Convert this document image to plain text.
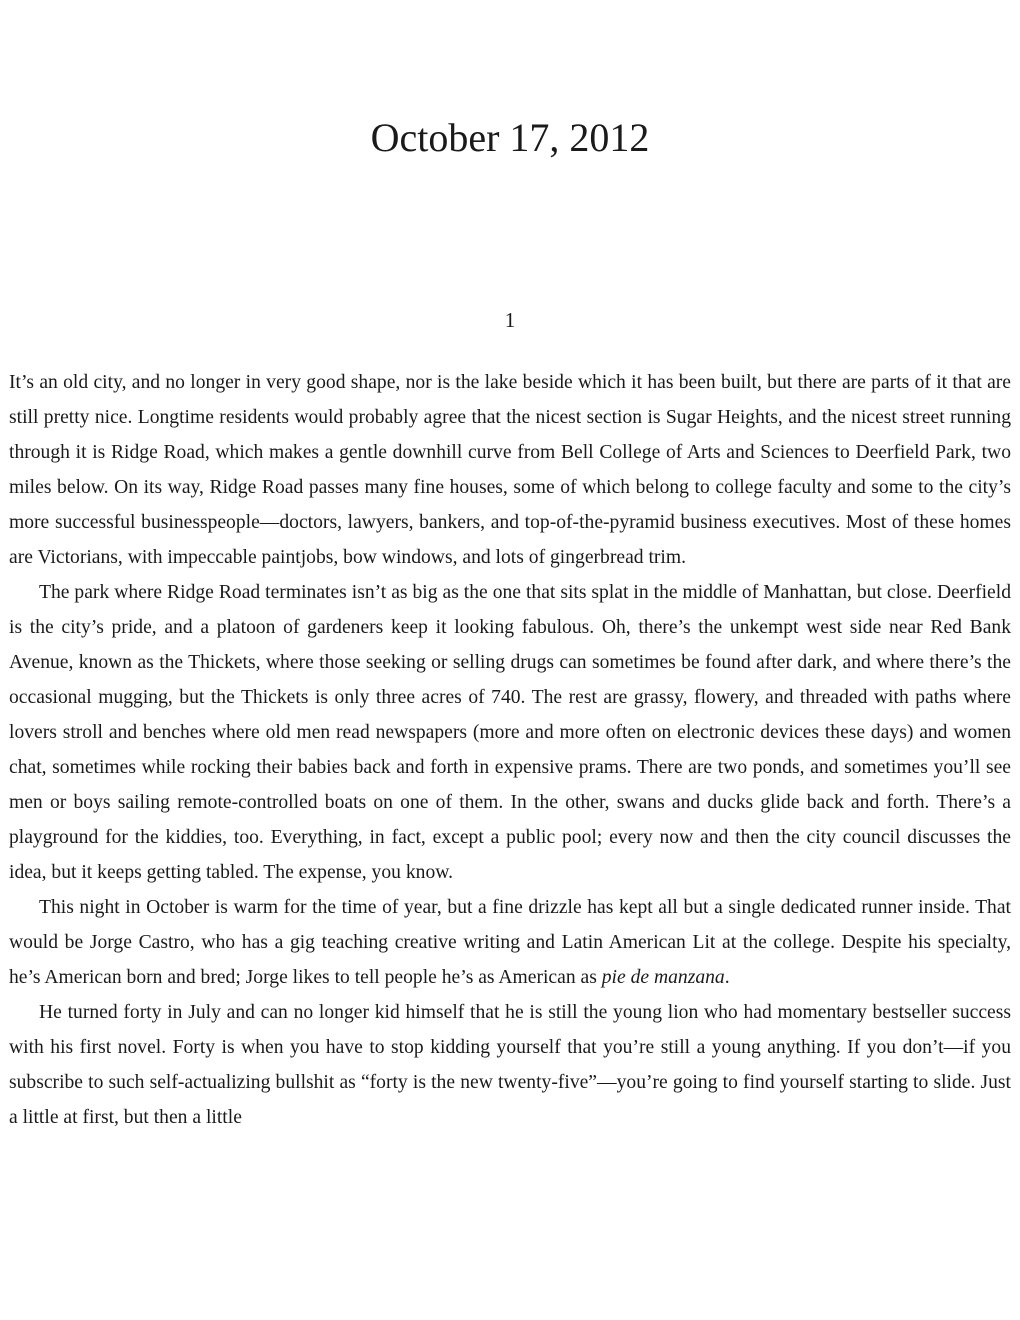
October 17, 2012
1

It’s an old city, and no longer in very good shape, nor is the lake beside which it has been built, but there are parts of it that are still pretty nice. Longtime residents would probably agree that the nicest section is Sugar Heights, and the nicest street running through it is Ridge Road, which makes a gentle downhill curve from Bell College of Arts and Sciences to Deerfield Park, two miles below. On its way, Ridge Road passes many fine houses, some of which belong to college faculty and some to the city’s more successful businesspeople—doctors, lawyers, bankers, and top-of-the-pyramid business executives. Most of these homes are Victorians, with impeccable paintjobs, bow windows, and lots of gingerbread trim.

The park where Ridge Road terminates isn’t as big as the one that sits splat in the middle of Manhattan, but close. Deerfield is the city’s pride, and a platoon of gardeners keep it looking fabulous. Oh, there’s the unkempt west side near Red Bank Avenue, known as the Thickets, where those seeking or selling drugs can sometimes be found after dark, and where there’s the occasional mugging, but the Thickets is only three acres of 740. The rest are grassy, flowery, and threaded with paths where lovers stroll and benches where old men read newspapers (more and more often on electronic devices these days) and women chat, sometimes while rocking their babies back and forth in expensive prams. There are two ponds, and sometimes you’ll see men or boys sailing remote-controlled boats on one of them. In the other, swans and ducks glide back and forth. There’s a playground for the kiddies, too. Everything, in fact, except a public pool; every now and then the city council discusses the idea, but it keeps getting tabled. The expense, you know.

This night in October is warm for the time of year, but a fine drizzle has kept all but a single dedicated runner inside. That would be Jorge Castro, who has a gig teaching creative writing and Latin American Lit at the college. Despite his specialty, he’s American born and bred; Jorge likes to tell people he’s as American as pie de manzana.

He turned forty in July and can no longer kid himself that he is still the young lion who had momentary bestseller success with his first novel. Forty is when you have to stop kidding yourself that you’re still a young anything. If you don’t—if you subscribe to such self-actualizing bullshit as “forty is the new twenty-five”—you’re going to find yourself starting to slide. Just a little at first, but then a little
